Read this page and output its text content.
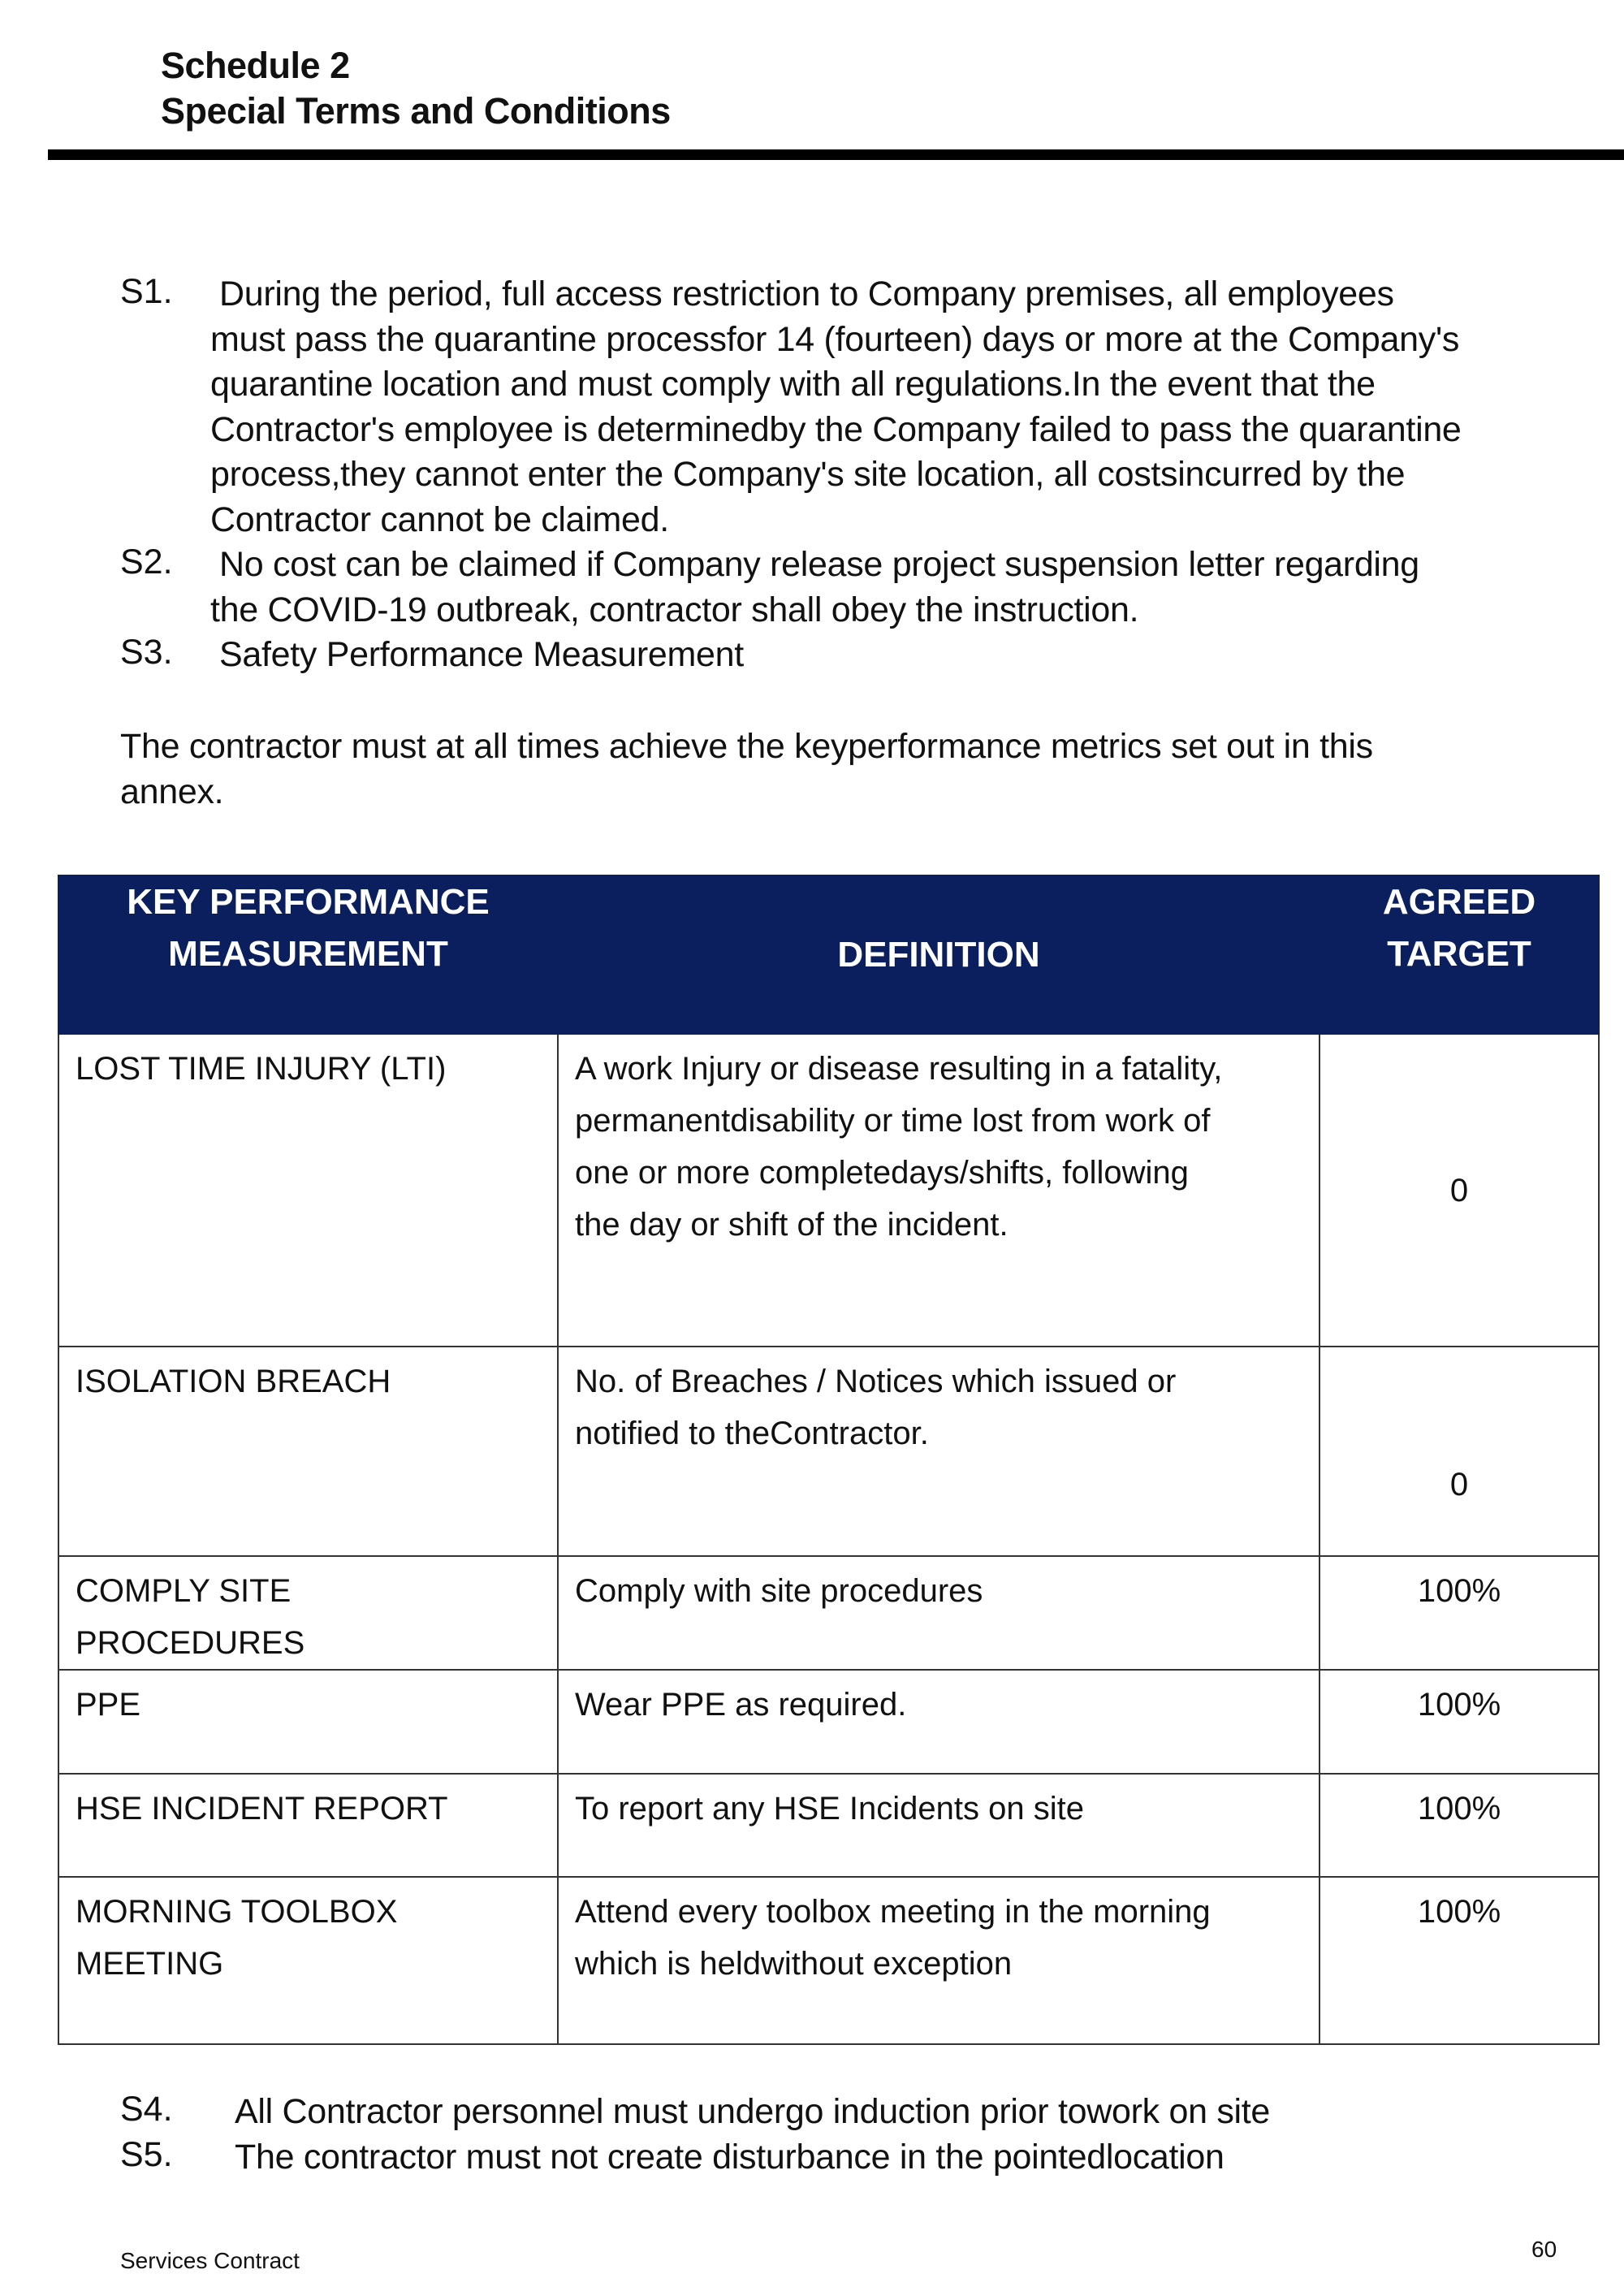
Schedule 2
Special Terms and Conditions
S1. During the period, full access restriction to Company premises, all employees
must pass the quarantine processfor 14 (fourteen) days or more at the Company's
quarantine location and must comply with all regulations.In the event that the
Contractor's employee is determinedby the Company failed to pass the quarantine
process,they cannot enter the Company's site location, all costsincurred by the
Contractor cannot be claimed.
S2. No cost can be claimed if Company release project suspension letter regarding
the COVID-19 outbreak, contractor shall obey the instruction.
S3. Safety Performance Measurement
The contractor must at all times achieve the keyperformance metrics set out in this
annex.
KEY PERFORMANCE
MEASUREMENT	DEFINITION	AGREED
TARGET

LOST TIME INJURY (LTI)	A work Injury or disease resulting in a fatality,
permanentdisability or time lost from work of
one or more completedays/shifts, following
the day or shift of the incident.	0
ISOLATION BREACH	No. of Breaches / Notices which issued or
notified to theContractor.	0

COMPLY SITE
PROCEDURES	Comply with site procedures	100%
PPE	Wear PPE as required.	100%
HSE INCIDENT REPORT	To report any HSE Incidents on site	100%

MORNING TOOLBOX
MEETING	Attend every toolbox meeting in the morning
which is heldwithout exception	100%
S4. All Contractor personnel must undergo induction prior towork on site
S5. The contractor must not create disturbance in the pointedlocation
Services Contract	60
